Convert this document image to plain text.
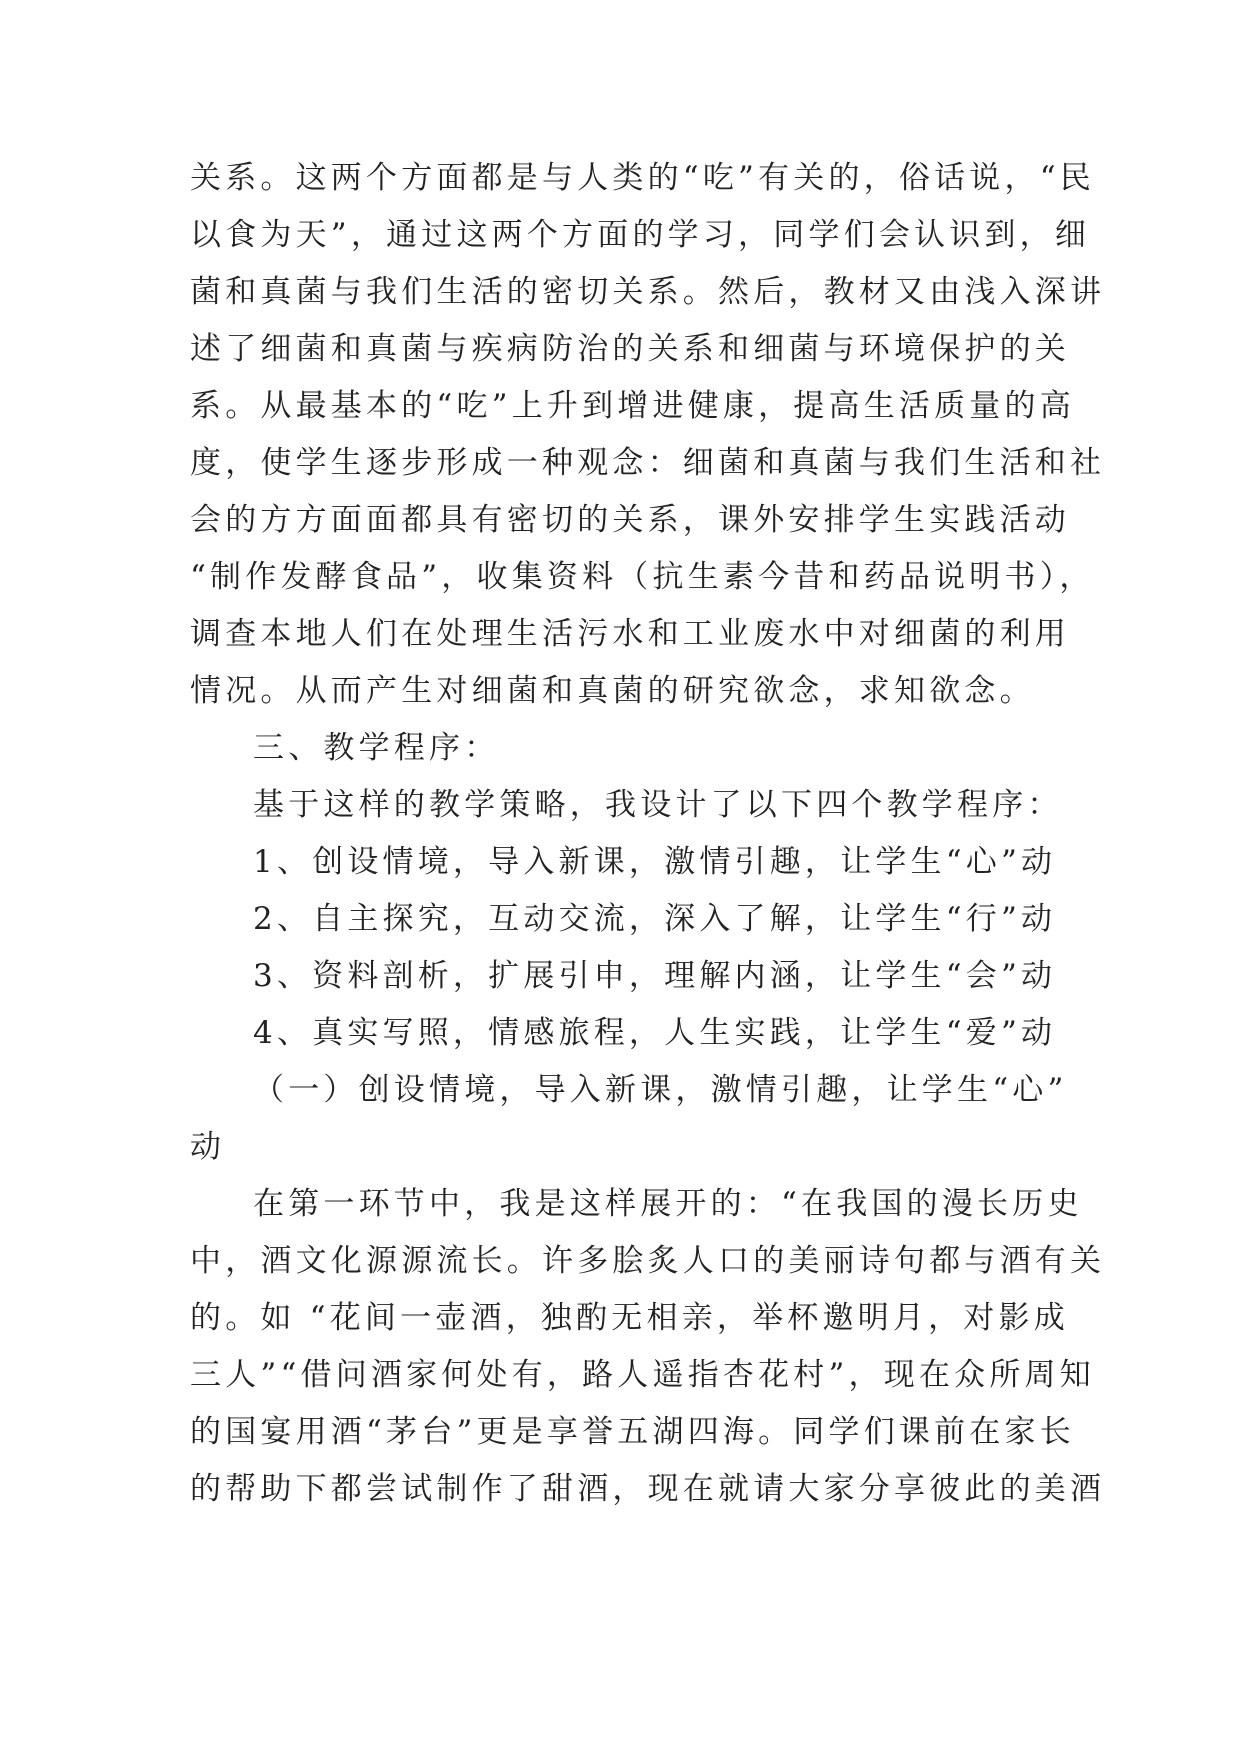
关系。这两个方面都是与人类的“吃”有关的，俗话说，“民
以食为天”，通过这两个方面的学习，同学们会认识到，细
菌和真菌与我们生活的密切关系。然后，教材又由浅入深讲
述了细菌和真菌与疾病防治的关系和细菌与环境保护的关
系。从最基本的“吃”上升到增进健康，提高生活质量的高
度，使学生逐步形成一种观念：细菌和真菌与我们生活和社
会的方方面面都具有密切的关系，课外安排学生实践活动
“制作发酵食品”，收集资料（抗生素今昔和药品说明书），
调查本地人们在处理生活污水和工业废水中对细菌的利用
情况。从而产生对细菌和真菌的研究欲念，求知欲念。
三、教学程序：
基于这样的教学策略，我设计了以下四个教学程序：
1、创设情境，导入新课，激情引趣，让学生“心”动
2、自主探究，互动交流，深入了解，让学生“行”动
3、资料剖析，扩展引申，理解内涵，让学生“会”动
4、真实写照，情感旅程，人生实践，让学生“爱”动
（一）创设情境，导入新课，激情引趣，让学生“心”
动
在第一环节中，我是这样展开的：“在我国的漫长历史
中，酒文化源源流长。许多脍炙人口的美丽诗句都与酒有关
的。如 “花间一壶酒，独酌无相亲，举杯邀明月，对影成
三人”“借问酒家何处有，路人遥指杏花村”，现在众所周知
的国宴用酒“茅台”更是享誉五湖四海。同学们课前在家长
的帮助下都尝试制作了甜酒，现在就请大家分享彼此的美酒
